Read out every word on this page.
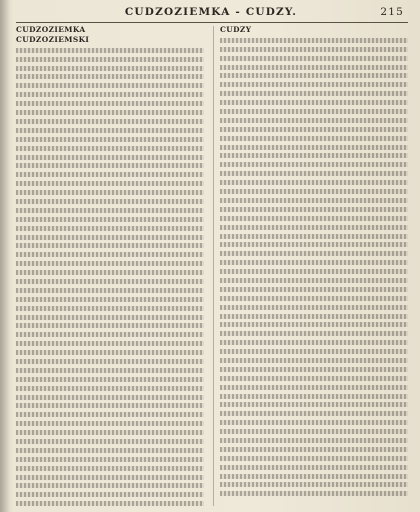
CUDZOZIEMKA - CUDZY.	215

CUDZOZIEMKA

CUDZOZIEMSKI

CUDZY
